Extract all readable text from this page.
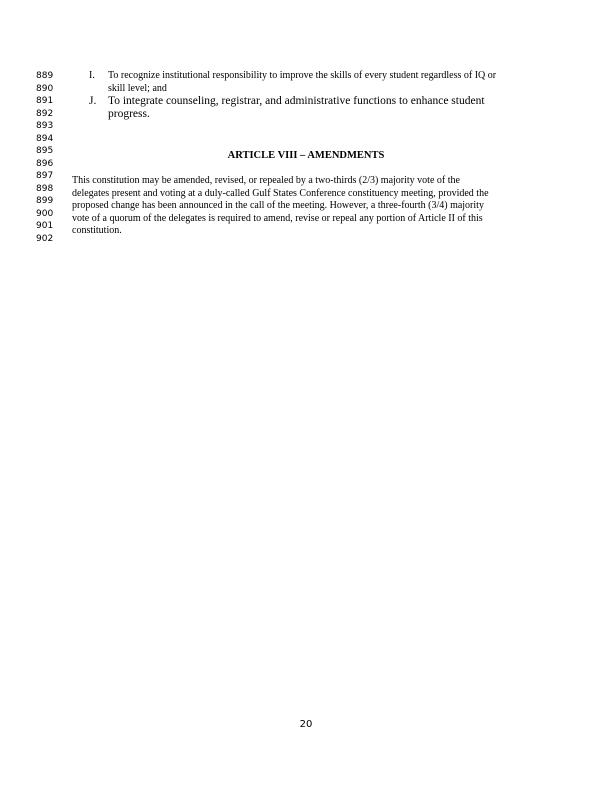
889
890
891
892
893
894
895
896
897
898
899
900
901
902
I. To recognize institutional responsibility to improve the skills of every student regardless of IQ or
skill level; and
J. To integrate counseling, registrar, and administrative functions to enhance student
progress.
ARTICLE VIII – AMENDMENTS
This constitution may be amended, revised, or repealed by a two-thirds (2/3) majority vote of the
delegates present and voting at a duly-called Gulf States Conference constituency meeting, provided the
proposed change has been announced in the call of the meeting. However, a three-fourth (3/4) majority
vote of a quorum of the delegates is required to amend, revise or repeal any portion of Article II of this
constitution.
20
